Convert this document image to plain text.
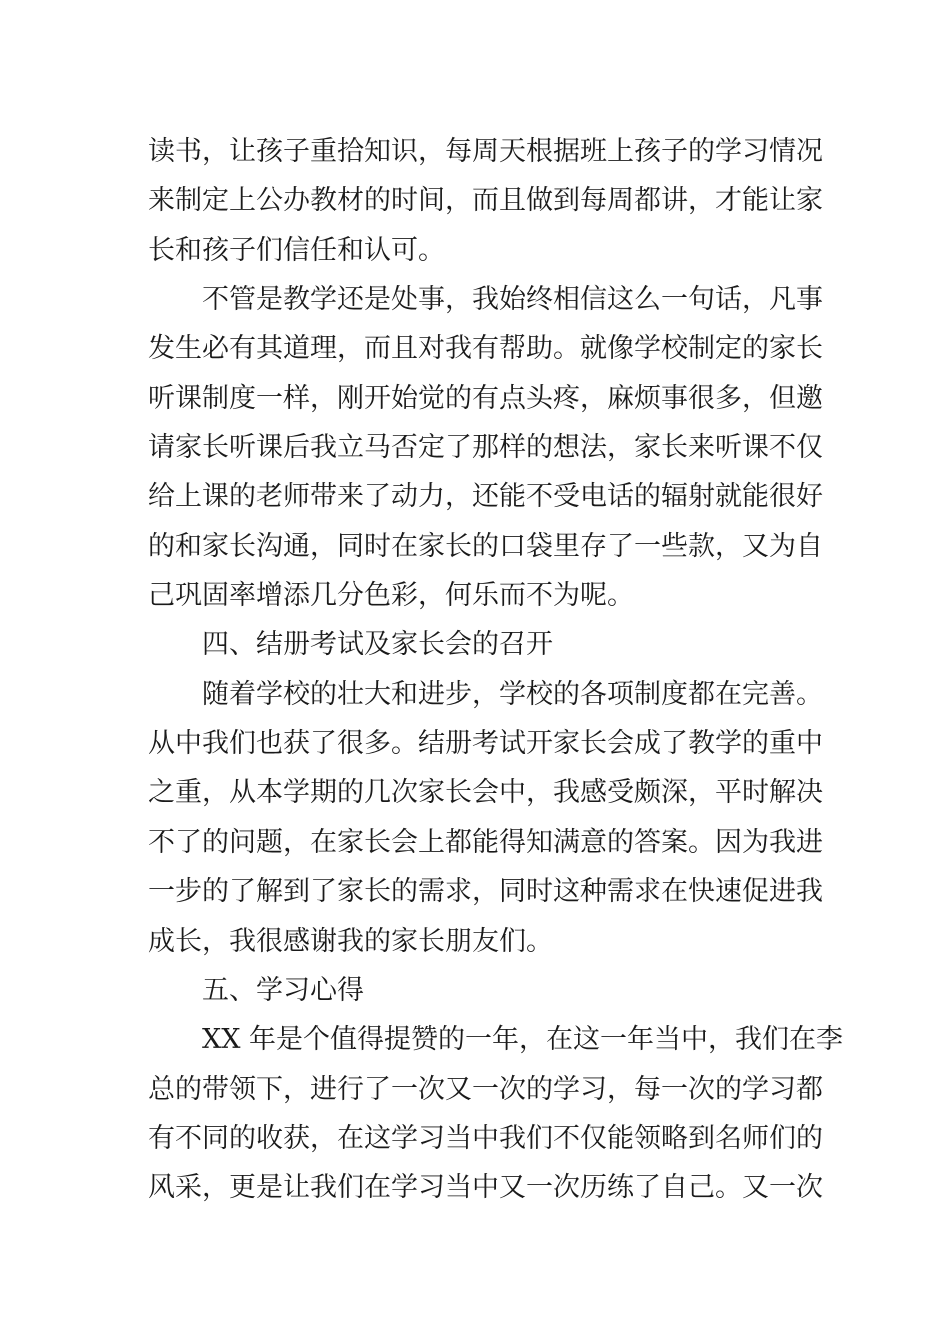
读书，让孩子重拾知识，每周天根据班上孩子的学习情况
来制定上公办教材的时间，而且做到每周都讲，才能让家
长和孩子们信任和认可。
不管是教学还是处事，我始终相信这么一句话，凡事
发生必有其道理，而且对我有帮助。就像学校制定的家长
听课制度一样，刚开始觉的有点头疼，麻烦事很多，但邀
请家长听课后我立马否定了那样的想法，家长来听课不仅
给上课的老师带来了动力，还能不受电话的辐射就能很好
的和家长沟通，同时在家长的口袋里存了一些款，又为自
己巩固率增添几分色彩，何乐而不为呢。
四、结册考试及家长会的召开
随着学校的壮大和进步，学校的各项制度都在完善。
从中我们也获了很多。结册考试开家长会成了教学的重中
之重，从本学期的几次家长会中，我感受颇深，平时解决
不了的问题，在家长会上都能得知满意的答案。因为我进
一步的了解到了家长的需求，同时这种需求在快速促进我
成长，我很感谢我的家长朋友们。
五、学习心得
XX 年是个值得提赞的一年，在这一年当中，我们在李
总的带领下，进行了一次又一次的学习，每一次的学习都
有不同的收获，在这学习当中我们不仅能领略到名师们的
风采，更是让我们在学习当中又一次历练了自己。又一次
